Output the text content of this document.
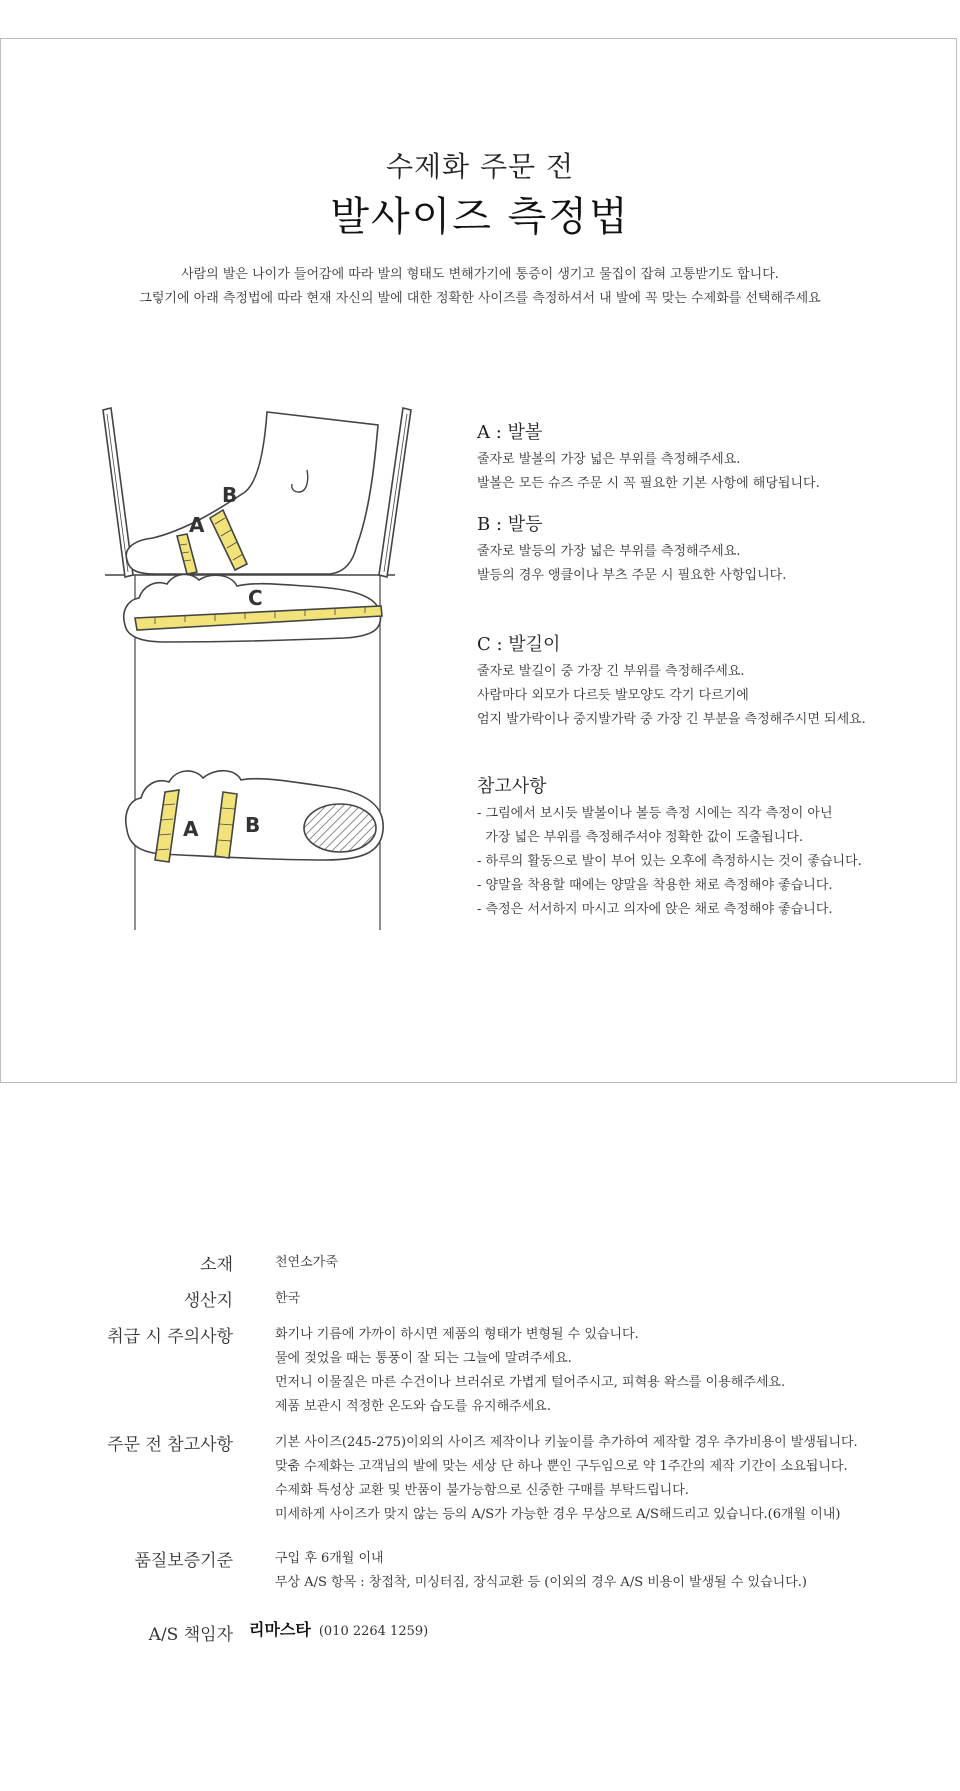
수제화 주문 전
발사이즈 측정법
사람의 발은 나이가 들어감에 따라 발의 형태도 변해가기에 통증이 생기고 물집이 잡혀 고통받기도 합니다.
그렇기에 아래 측정법에 따라 현재 자신의 발에 대한 정확한 사이즈를 측정하셔서 내 발에 꼭 맞는 수제화를 선택해주세요
A
B
C
A B
A : 발볼
줄자로 발볼의 가장 넓은 부위를 측정해주세요.
발볼은 모든 슈즈 주문 시 꼭 필요한 기본 사항에 해당됩니다.
B : 발등
줄자로 발등의 가장 넓은 부위를 측정해주세요.
발등의 경우 앵클이나 부츠 주문 시 필요한 사항입니다.
C : 발길이
줄자로 발길이 중 가장 긴 부위를 측정해주세요.
사람마다 외모가 다르듯 발모양도 각기 다르기에
엄지 발가락이나 중지발가락 중 가장 긴 부분을 측정해주시면 되세요.
참고사항
- 그림에서 보시듯 발볼이나 볼등 측정 시에는 직각 측정이 아닌
가장 넓은 부위를 측정해주셔야 정확한 값이 도출됩니다.
- 하루의 활동으로 발이 부어 있는 오후에 측정하시는 것이 좋습니다.
- 양말을 착용할 때에는 양말을 착용한 채로 측정해야 좋습니다.
- 측정은 서서하지 마시고 의자에 앉은 채로 측정해야 좋습니다.
소재	천연소가죽
생산지	한국
취급 시 주의사항	화기나 기름에 가까이 하시면 제품의 형태가 변형될 수 있습니다.
물에 젖었을 때는 통풍이 잘 되는 그늘에 말려주세요.
먼저니 이물질은 마른 수건이나 브러쉬로 가볍게 털어주시고, 피혁용 왁스를 이용해주세요.
제품 보관시 적정한 온도와 습도를 유지해주세요.
주문 전 참고사항	기본 사이즈(245-275)이외의 사이즈 제작이나 키높이를 추가하여 제작할 경우 추가비용이 발생됩니다.
맞춤 수제화는 고객님의 발에 맞는 세상 단 하나 뿐인 구두임으로 약 1주간의 제작 기간이 소요됩니다.
수제화 특성상 교환 및 반품이 불가능함으로 신중한 구매를 부탁드립니다.
미세하게 사이즈가 맞지 않는 등의 A/S가 가능한 경우 무상으로 A/S해드리고 있습니다.(6개월 이내)
품질보증기준	구입 후 6개월 이내
무상 A/S 항목 : 창접착, 미싱터짐, 장식교환 등 (이외의 경우 A/S 비용이 발생될 수 있습니다.)
A/S 책임자	리마스타 (010 2264 1259)
